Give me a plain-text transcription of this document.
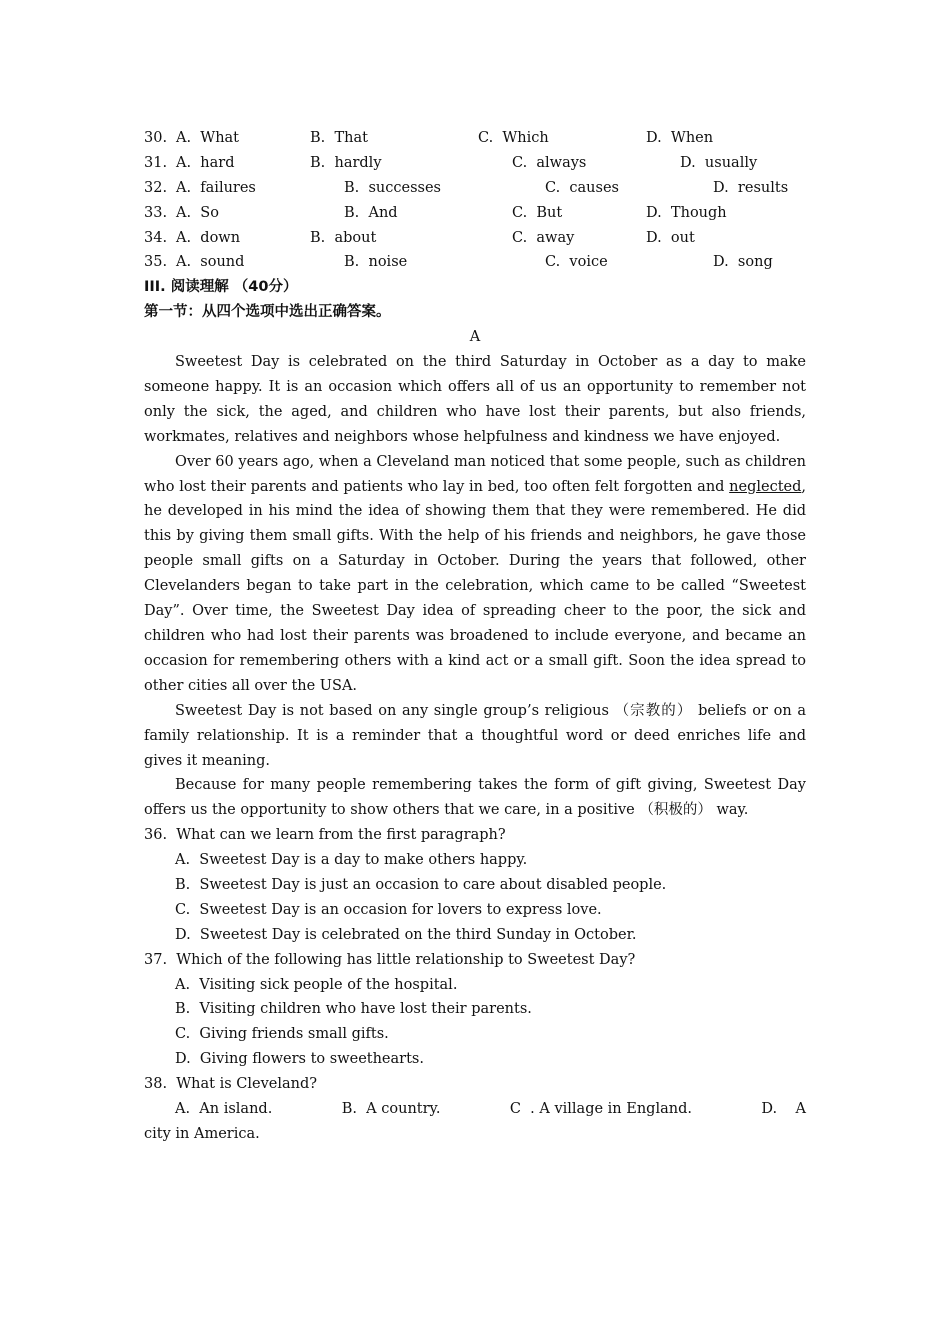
30. A.  What	B.  That	C.  Which	D.  When
31. A.  hard	B.  hardly	C.  always	D.  usually
32. A.  failures	B.  successes	C.  causes	D.  results
33. A.  So	B.  And	C.  But	D.  Though
34. A.  down	B.  about	C.  away	D.  out
35. A.  sound	B.  noise	C.  voice	D.  song
III. 阅读理解 （40分）
第一节：从四个选项中选出正确答案。
A

Sweetest Day is celebrated on the third Saturday in October as a day to make someone happy. It is an occasion which offers all of us an opportunity to remember not only the sick, the aged, and children who have lost their parents, but also friends, workmates, relatives and neighbors whose helpfulness and kindness we have enjoyed.

Over 60 years ago, when a Cleveland man noticed that some people, such as children who lost their parents and patients who lay in bed, too often felt forgotten and neglected, he developed in his mind the idea of showing them that they were remembered. He did this by giving them small gifts. With the help of his friends and neighbors, he gave those people small gifts on a Saturday in October. During the years that followed, other Clevelanders began to take part in the celebration, which came to be called “Sweetest Day”. Over time, the Sweetest Day idea of spreading cheer to the poor, the sick and children who had lost their parents was broadened to include everyone, and became an occasion for remembering others with a kind act or a small gift. Soon the idea spread to other cities all over the USA.

Sweetest Day is not based on any single group’s religious （宗教的） beliefs or on a family relationship. It is a reminder that a thoughtful word or deed enriches life and gives it meaning.

Because for many people remembering takes the form of gift giving, Sweetest Day offers us the opportunity to show others that we care, in a positive （积极的） way.

36.  What can we learn from the first paragraph?
A.  Sweetest Day is a day to make others happy.
B.  Sweetest Day is just an occasion to care about disabled people.
C.  Sweetest Day is an occasion for lovers to express love.
D.  Sweetest Day is celebrated on the third Sunday in October.
37.  Which of the following has little relationship to Sweetest Day?
A.  Visiting sick people of the hospital.
B.  Visiting children who have lost their parents.
C.  Giving friends small gifts.
D.  Giving flowers to sweethearts.
38.  What is Cleveland?
A.  An island.	B.  A country.	C  . A village in England.	D.    A
city in America.
